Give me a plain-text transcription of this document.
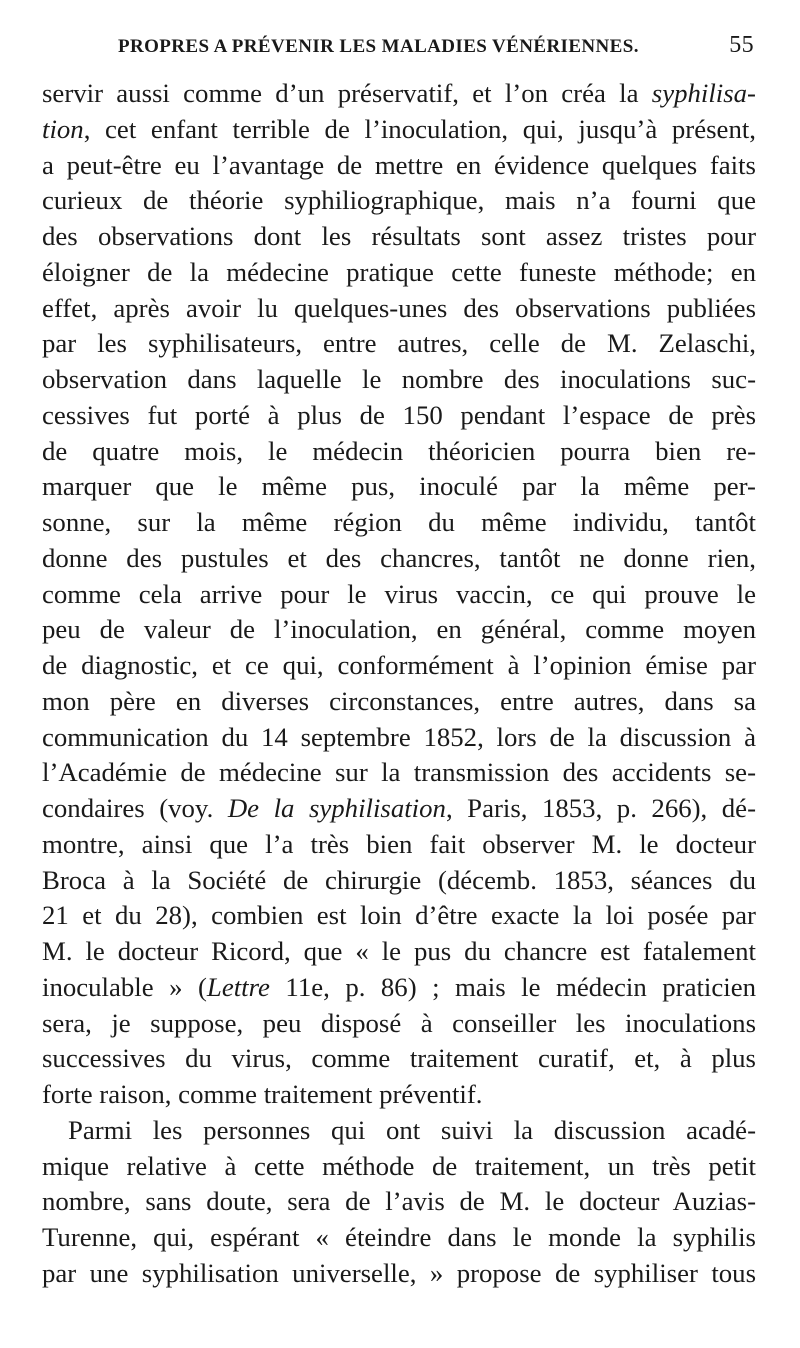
PROPRES A PRÉVENIR LES MALADIES VÉNÉRIENNES.	55
servir aussi comme d’un préservatif, et l’on créa la syphilisa-
tion, cet enfant terrible de l’inoculation, qui, jusqu’à présent,
a peut-être eu l’avantage de mettre en évidence quelques faits
curieux de théorie syphiliographique, mais n’a fourni que
des observations dont les résultats sont assez tristes pour
éloigner de la médecine pratique cette funeste méthode; en
effet, après avoir lu quelques-unes des observations publiées
par les syphilisateurs, entre autres, celle de M. Zelaschi,
observation dans laquelle le nombre des inoculations suc-
cessives fut porté à plus de 150 pendant l’espace de près
de quatre mois, le médecin théoricien pourra bien re-
marquer que le même pus, inoculé par la même per-
sonne, sur la même région du même individu, tantôt
donne des pustules et des chancres, tantôt ne donne rien,
comme cela arrive pour le virus vaccin, ce qui prouve le
peu de valeur de l’inoculation, en général, comme moyen
de diagnostic, et ce qui, conformément à l’opinion émise par
mon père en diverses circonstances, entre autres, dans sa
communication du 14 septembre 1852, lors de la discussion à
l’Académie de médecine sur la transmission des accidents se-
condaires (voy. De la syphilisation, Paris, 1853, p. 266), dé-
montre, ainsi que l’a très bien fait observer M. le docteur
Broca à la Société de chirurgie (décemb. 1853, séances du
21 et du 28), combien est loin d’être exacte la loi posée par
M. le docteur Ricord, que « le pus du chancre est fatalement
inoculable » (Lettre 11e, p. 86) ; mais le médecin praticien
sera, je suppose, peu disposé à conseiller les inoculations
successives du virus, comme traitement curatif, et, à plus
forte raison, comme traitement préventif.
Parmi les personnes qui ont suivi la discussion acadé-
mique relative à cette méthode de traitement, un très petit
nombre, sans doute, sera de l’avis de M. le docteur Auzias-
Turenne, qui, espérant « éteindre dans le monde la syphilis
par une syphilisation universelle, » propose de syphiliser tous
